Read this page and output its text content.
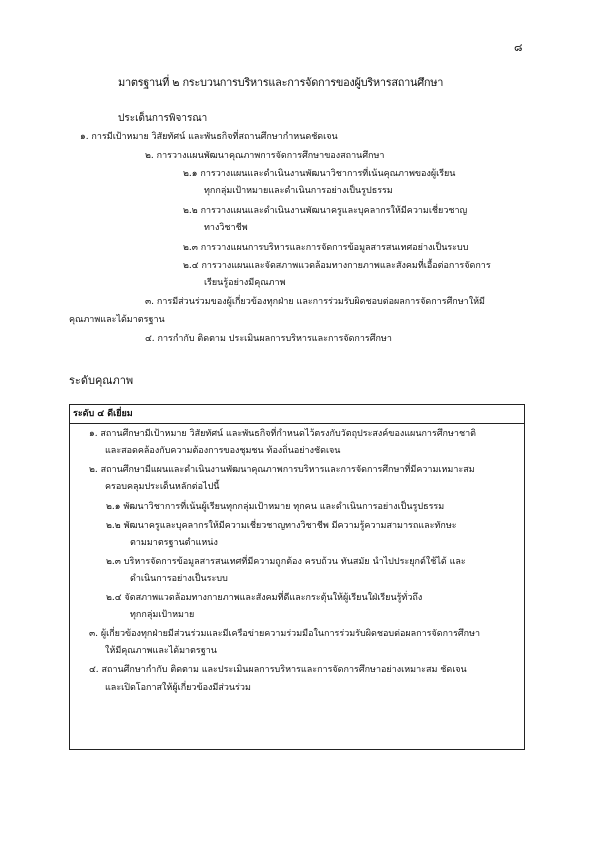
๘
มาตรฐานที่ ๒ กระบวนการบริหารและการจัดการของผู้บริหารสถานศึกษา
ประเด็นการพิจารณา
๑. การมีเป้าหมาย วิสัยทัศน์ และพันธกิจที่สถานศึกษากำหนดชัดเจน
๒. การวางแผนพัฒนาคุณภาพการจัดการศึกษาของสถานศึกษา
๒.๑ การวางแผนและดำเนินงานพัฒนาวิชาการที่เน้นคุณภาพของผู้เรียน
ทุกกลุ่มเป้าหมายและดำเนินการอย่างเป็นรูปธรรม
๒.๒ การวางแผนและดำเนินงานพัฒนาครูและบุคลากรให้มีความเชี่ยวชาญ
ทางวิชาชีพ
๒.๓ การวางแผนการบริหารและการจัดการข้อมูลสารสนเทศอย่างเป็นระบบ
๒.๔ การวางแผนและจัดสภาพแวดล้อมทางกายภาพและสังคมที่เอื้อต่อการจัดการ
เรียนรู้อย่างมีคุณภาพ
๓. การมีส่วนร่วมของผู้เกี่ยวข้องทุกฝ่าย และการร่วมรับผิดชอบต่อผลการจัดการศึกษาให้มี
คุณภาพและได้มาตรฐาน
๔. การกำกับ ติดตาม ประเมินผลการบริหารและการจัดการศึกษา
ระดับคุณภาพ
ระดับ ๔ ดีเยี่ยม
๑. สถานศึกษามีเป้าหมาย วิสัยทัศน์ และพันธกิจที่กำหนดไว้ตรงกับวัตถุประสงค์ของแผนการศึกษาชาติ
และสอดคล้องกับความต้องการของชุมชน ท้องถิ่นอย่างชัดเจน
๒. สถานศึกษามีแผนและดำเนินงานพัฒนาคุณภาพการบริหารและการจัดการศึกษาที่มีความเหมาะสม
ครอบคลุมประเด็นหลักต่อไปนี้
๒.๑ พัฒนาวิชาการที่เน้นผู้เรียนทุกกลุ่มเป้าหมาย ทุกคน และดำเนินการอย่างเป็นรูปธรรม
๒.๒ พัฒนาครูและบุคลากรให้มีความเชี่ยวชาญทางวิชาชีพ มีความรู้ความสามารถและทักษะ
ตามมาตรฐานตำแหน่ง
๒.๓ บริหารจัดการข้อมูลสารสนเทศที่มีความถูกต้อง ครบถ้วน ทันสมัย นำไปประยุกต์ใช้ได้ และ
ดำเนินการอย่างเป็นระบบ
๒.๔ จัดสภาพแวดล้อมทางกายภาพและสังคมที่ดีและกระตุ้นให้ผู้เรียนใฝ่เรียนรู้ทั่วถึง
ทุกกลุ่มเป้าหมาย
๓. ผู้เกี่ยวข้องทุกฝ่ายมีส่วนร่วมและมีเครือข่ายความร่วมมือในการร่วมรับผิดชอบต่อผลการจัดการศึกษา
ให้มีคุณภาพและได้มาตรฐาน
๔. สถานศึกษากำกับ ติดตาม และประเมินผลการบริหารและการจัดการศึกษาอย่างเหมาะสม ชัดเจน
และเปิดโอกาสให้ผู้เกี่ยวข้องมีส่วนร่วม
